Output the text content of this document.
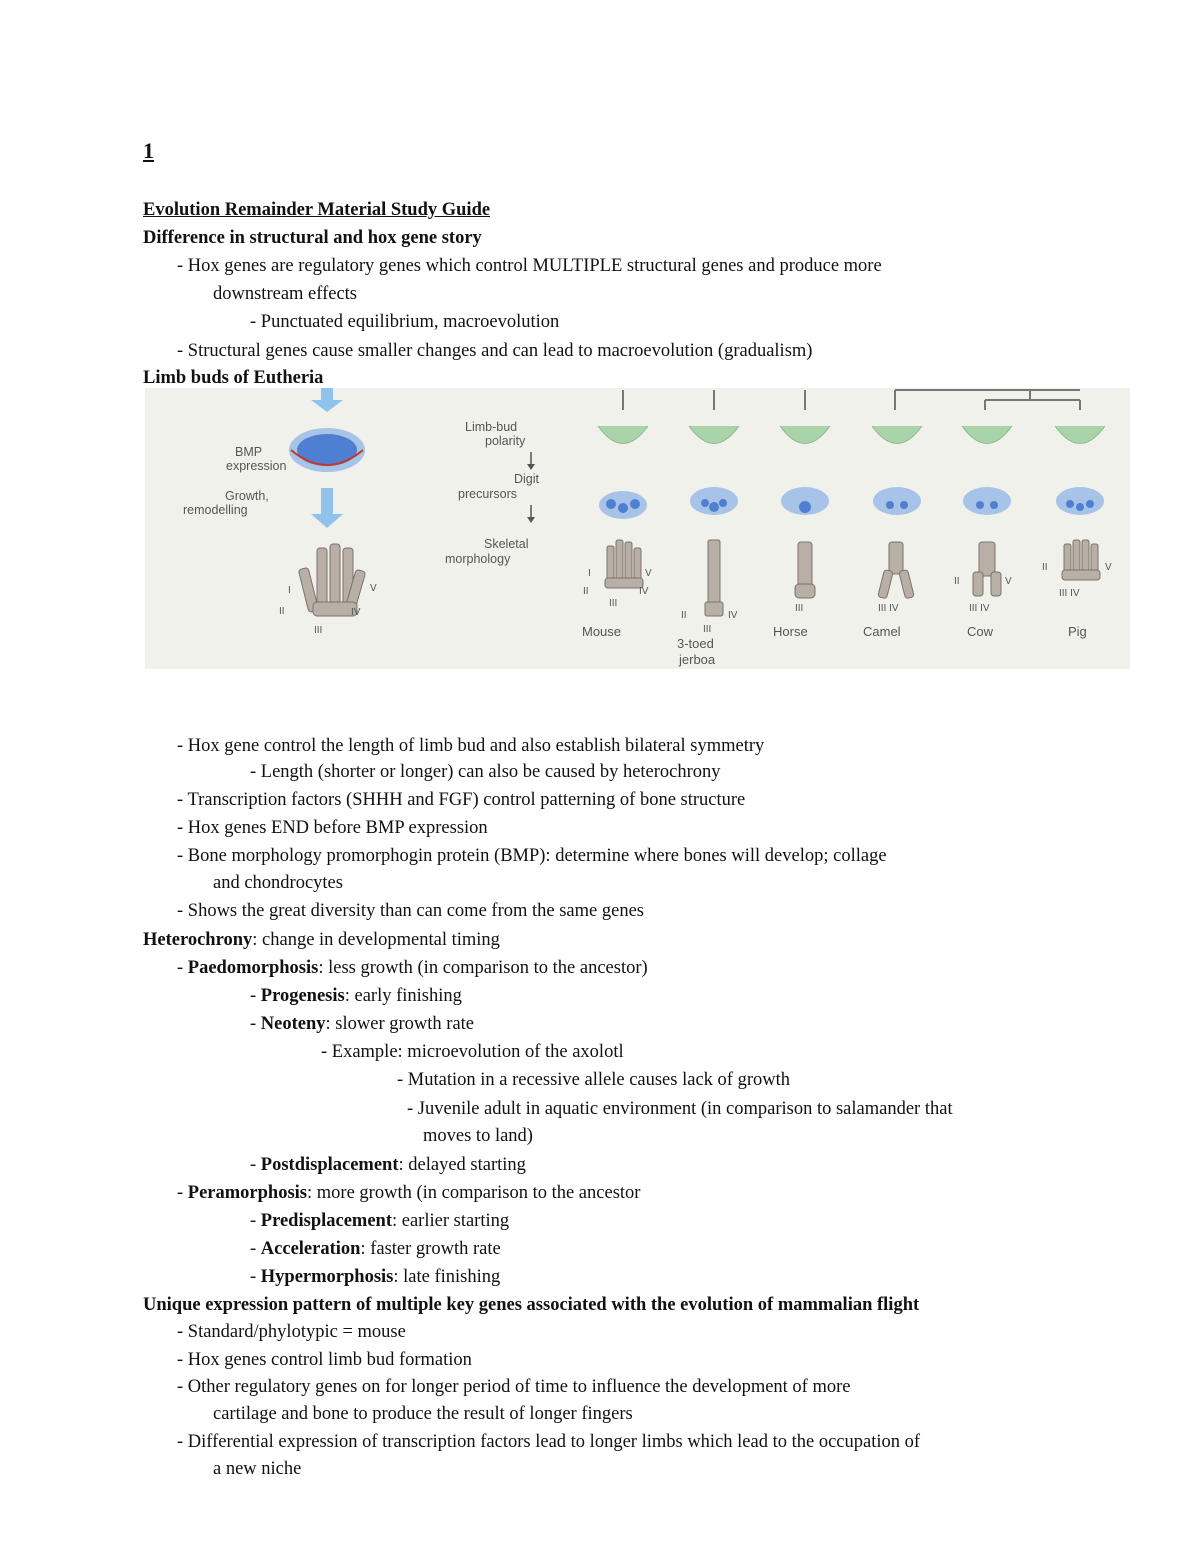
1
Evolution Remainder Material Study Guide
Difference in structural and hox gene story
- Hox genes are regulatory genes which control MULTIPLE structural genes and produce more
downstream effects
- Punctuated equilibrium, macroevolution
- Structural genes cause smaller changes and can lead to macroevolution (gradualism)
Limb buds of Eutheria
BMP
expression
Growth,
remodelling
I	V
II	IV
III
Limb-bud
polarity
Digit
precursors
Skeletal
morphology
I	V
II	IV
III
Mouse
II	IV
III
3-toed
jerboa
III
Horse
III IV
Camel
II	V
III IV
Cow
II	V
III IV
Pig
- Hox gene control the length of limb bud and also establish bilateral symmetry
- Length (shorter or longer) can also be caused by heterochrony
- Transcription factors (SHHH and FGF) control patterning of bone structure
- Hox genes END before BMP expression
- Bone morphology promorphogin protein (BMP): determine where bones will develop; collage
and chondrocytes
- Shows the great diversity than can come from the same genes
Heterochrony: change in developmental timing
- Paedomorphosis: less growth (in comparison to the ancestor)
- Progenesis: early finishing
- Neoteny: slower growth rate
- Example: microevolution of the axolotl
- Mutation in a recessive allele causes lack of growth
- Juvenile adult in aquatic environment (in comparison to salamander that
moves to land)
- Postdisplacement: delayed starting
- Peramorphosis: more growth (in comparison to the ancestor
- Predisplacement: earlier starting
- Acceleration: faster growth rate
- Hypermorphosis: late finishing
Unique expression pattern of multiple key genes associated with the evolution of mammalian flight
- Standard/phylotypic = mouse
- Hox genes control limb bud formation
- Other regulatory genes on for longer period of time to influence the development of more
cartilage and bone to produce the result of longer fingers
- Differential expression of transcription factors lead to longer limbs which lead to the occupation of
a new niche
